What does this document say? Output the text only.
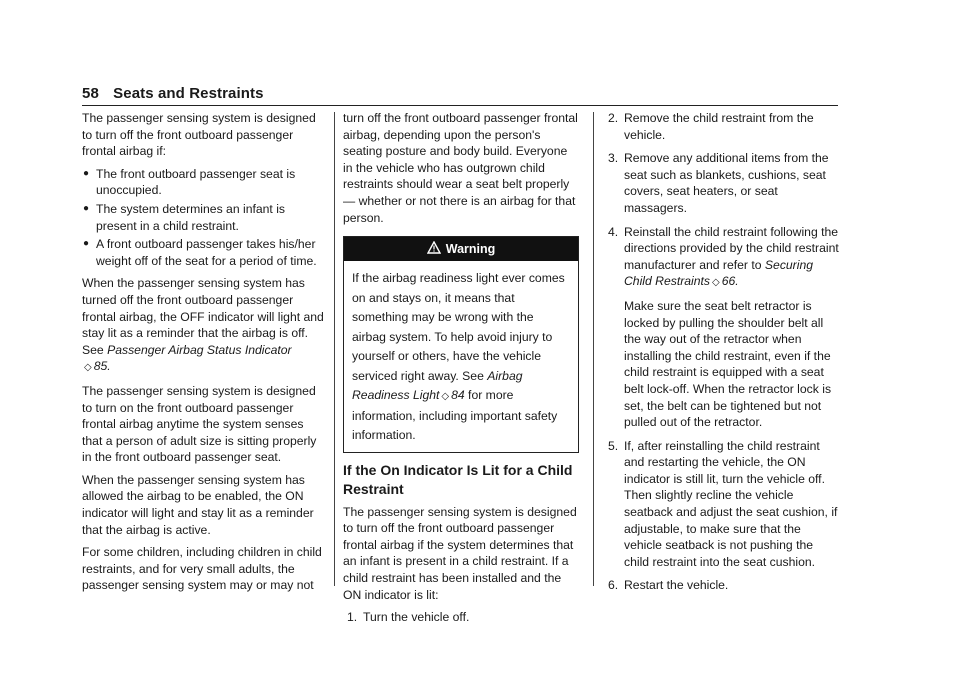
58 Seats and Restraints

The passenger sensing system is designed to turn off the front outboard passenger frontal airbag if:

● The front outboard passenger seat is unoccupied.
● The system determines an infant is present in a child restraint.
● A front outboard passenger takes his/her weight off of the seat for a period of time.

When the passenger sensing system has turned off the front outboard passenger frontal airbag, the OFF indicator will light and stay lit as a reminder that the airbag is off. See Passenger Airbag Status Indicator
◇ 85.

The passenger sensing system is designed to turn on the front outboard passenger frontal airbag anytime the system senses that a person of adult size is sitting properly in the front outboard passenger seat.

When the passenger sensing system has allowed the airbag to be enabled, the ON indicator will light and stay lit as a reminder that the airbag is active.

For some children, including children in child restraints, and for very small adults, the passenger sensing system may or may not

turn off the front outboard passenger frontal airbag, depending upon the person's seating posture and body build. Everyone in the vehicle who has outgrown child restraints should wear a seat belt properly — whether or not there is an airbag for that person.

Warning
If the airbag readiness light ever comes on and stays on, it means that something may be wrong with the airbag system. To help avoid injury to yourself or others, have the vehicle serviced right away. See Airbag Readiness Light ◇ 84 for more information, including important safety information.
If the On Indicator Is Lit for a Child Restraint

The passenger sensing system is designed to turn off the front outboard passenger frontal airbag if the system determines that an infant is present in a child restraint. If a child restraint has been installed and the ON indicator is lit:

1. Turn the vehicle off.
2. Remove the child restraint from the vehicle.
3. Remove any additional items from the seat such as blankets, cushions, seat covers, seat heaters, or seat massagers.
4. Reinstall the child restraint following the directions provided by the child restraint manufacturer and refer to Securing Child Restraints ◇ 66.
Make sure the seat belt retractor is locked by pulling the shoulder belt all the way out of the retractor when installing the child restraint, even if the child restraint is equipped with a seat belt lock-off. When the retractor lock is set, the belt can be tightened but not pulled out of the retractor.
5. If, after reinstalling the child restraint and restarting the vehicle, the ON indicator is still lit, turn the vehicle off. Then slightly recline the vehicle seatback and adjust the seat cushion, if adjustable, to make sure that the vehicle seatback is not pushing the child restraint into the seat cushion.
6. Restart the vehicle.
